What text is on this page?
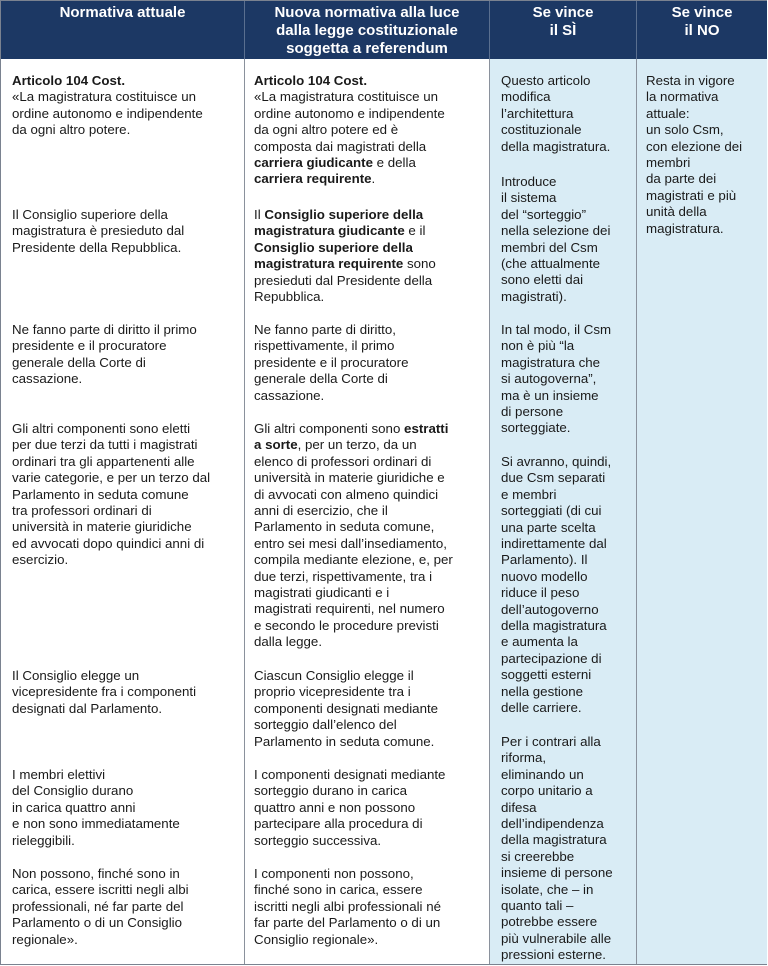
Articolo 104 Cost.
«La magistratura costituisce un
ordine autonomo e indipendente
da ogni altro potere.
Il Consiglio superiore della
magistratura è presieduto dal
Presidente della Repubblica.
Ne fanno parte di diritto il primo
presidente e il procuratore
generale della Corte di
cassazione.
Gli altri componenti sono eletti
per due terzi da tutti i magistrati
ordinari tra gli appartenenti alle
varie categorie, e per un terzo dal
Parlamento in seduta comune
tra professori ordinari di
università in materie giuridiche
ed avvocati dopo quindici anni di
esercizio.
Il Consiglio elegge un
vicepresidente fra i componenti
designati dal Parlamento.
I membri elettivi
del Consiglio durano
in carica quattro anni
e non sono immediatamente
rieleggibili.
Non possono, finché sono in
carica, essere iscritti negli albi
professionali, né far parte del
Parlamento o di un Consiglio
regionale».
Articolo 104 Cost.
«La magistratura costituisce un
ordine autonomo e indipendente
da ogni altro potere ed è
composta dai magistrati della
carriera giudicante e della
carriera requirente.
Il Consiglio superiore della
magistratura giudicante e il
Consiglio superiore della
magistratura requirente sono
presieduti dal Presidente della
Repubblica.
Ne fanno parte di diritto,
rispettivamente, il primo
presidente e il procuratore
generale della Corte di
cassazione.
Gli altri componenti sono estratti
a sorte, per un terzo, da un
elenco di professori ordinari di
università in materie giuridiche e
di avvocati con almeno quindici
anni di esercizio, che il
Parlamento in seduta comune,
entro sei mesi dall’insediamento,
compila mediante elezione, e, per
due terzi, rispettivamente, tra i
magistrati giudicanti e i
magistrati requirenti, nel numero
e secondo le procedure previsti
dalla legge.
Ciascun Consiglio elegge il
proprio vicepresidente tra i
componenti designati mediante
sorteggio dall’elenco del
Parlamento in seduta comune.
I componenti designati mediante
sorteggio durano in carica
quattro anni e non possono
partecipare alla procedura di
sorteggio successiva.
I componenti non possono,
finché sono in carica, essere
iscritti negli albi professionali né
far parte del Parlamento o di un
Consiglio regionale».
Questo articolo
modifica
l’architettura
costituzionale
della magistratura.
Introduce
il sistema
del “sorteggio”
nella selezione dei
membri del Csm
(che attualmente
sono eletti dai
magistrati).
In tal modo, il Csm
non è più “la
magistratura che
si autogoverna”,
ma è un insieme
di persone
sorteggiate.
Si avranno, quindi,
due Csm separati
e membri
sorteggiati (di cui
una parte scelta
indirettamente dal
Parlamento). Il
nuovo modello
riduce il peso
dell’autogoverno
della magistratura
e aumenta la
partecipazione di
soggetti esterni
nella gestione
delle carriere.
Per i contrari alla
riforma,
eliminando un
corpo unitario a
difesa
dell’indipendenza
della magistratura
si creerebbe
insieme di persone
isolate, che – in
quanto tali –
potrebbe essere
più vulnerabile alle
pressioni esterne.
Resta in vigore
la normativa
attuale:
un solo Csm,
con elezione dei
membri
da parte dei
magistrati e più
unità della
magistratura.
Normativa attuale	Nuova normativa alla luce
dalla legge costituzionale
soggetta a referendum
Se vince
il SÌ
Se vince
il NO
